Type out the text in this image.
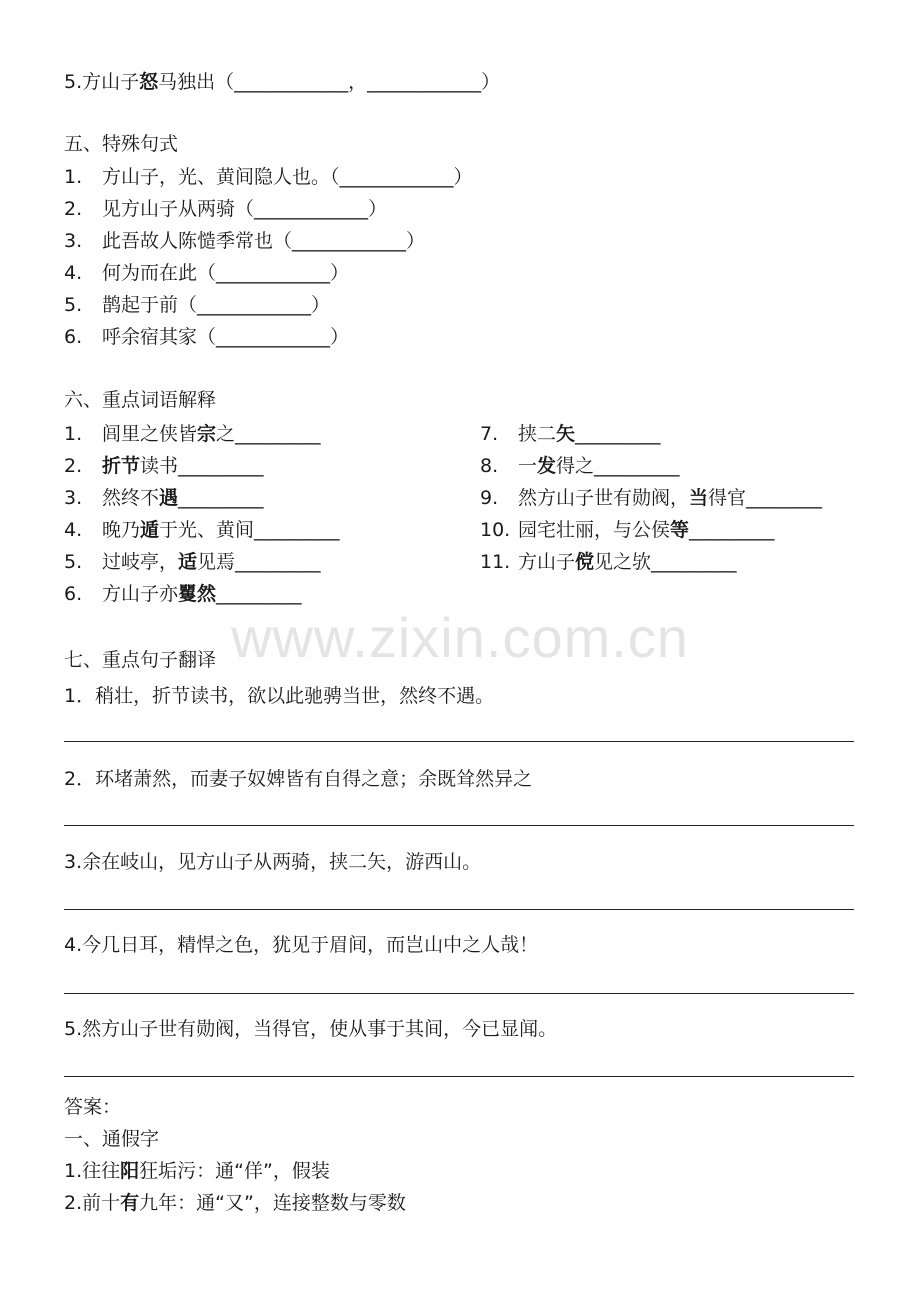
www.zixin.com.cn
5.方山子怒马独出（____________，____________）
五、特殊句式
1. 方山子，光、黄间隐人也。（____________）
2. 见方山子从两骑（____________）
3. 此吾故人陈慥季常也（____________）
4. 何为而在此（____________）
5. 鹊起于前（____________）
6. 呼余宿其家（____________）
六、重点词语解释
1. 闾里之侠皆宗之_________
2. 折节读书_________
3. 然终不遇_________
4. 晚乃遁于光、黄间_________
5. 过岐亭，适见焉_________
6. 方山子亦矍然_________
7. 挟二矢_________
8. 一发得之_________
9. 然方山子世有勋阀，当得官________
10. 园宅壮丽，与公侯等_________
11. 方山子傥见之欤_________
七、重点句子翻译
1．稍壮，折节读书，欲以此驰骋当世，然终不遇。
2．环堵萧然，而妻子奴婢皆有自得之意；余既耸然异之
3.余在岐山，见方山子从两骑，挟二矢，游西山。
4.今几日耳，精悍之色，犹见于眉间，而岂山中之人哉！
5.然方山子世有勋阀，当得官，使从事于其间，今已显闻。
答案：
一、通假字
1.往往阳狂垢污：通“佯”，假装
2.前十有九年：通“又”，连接整数与零数
